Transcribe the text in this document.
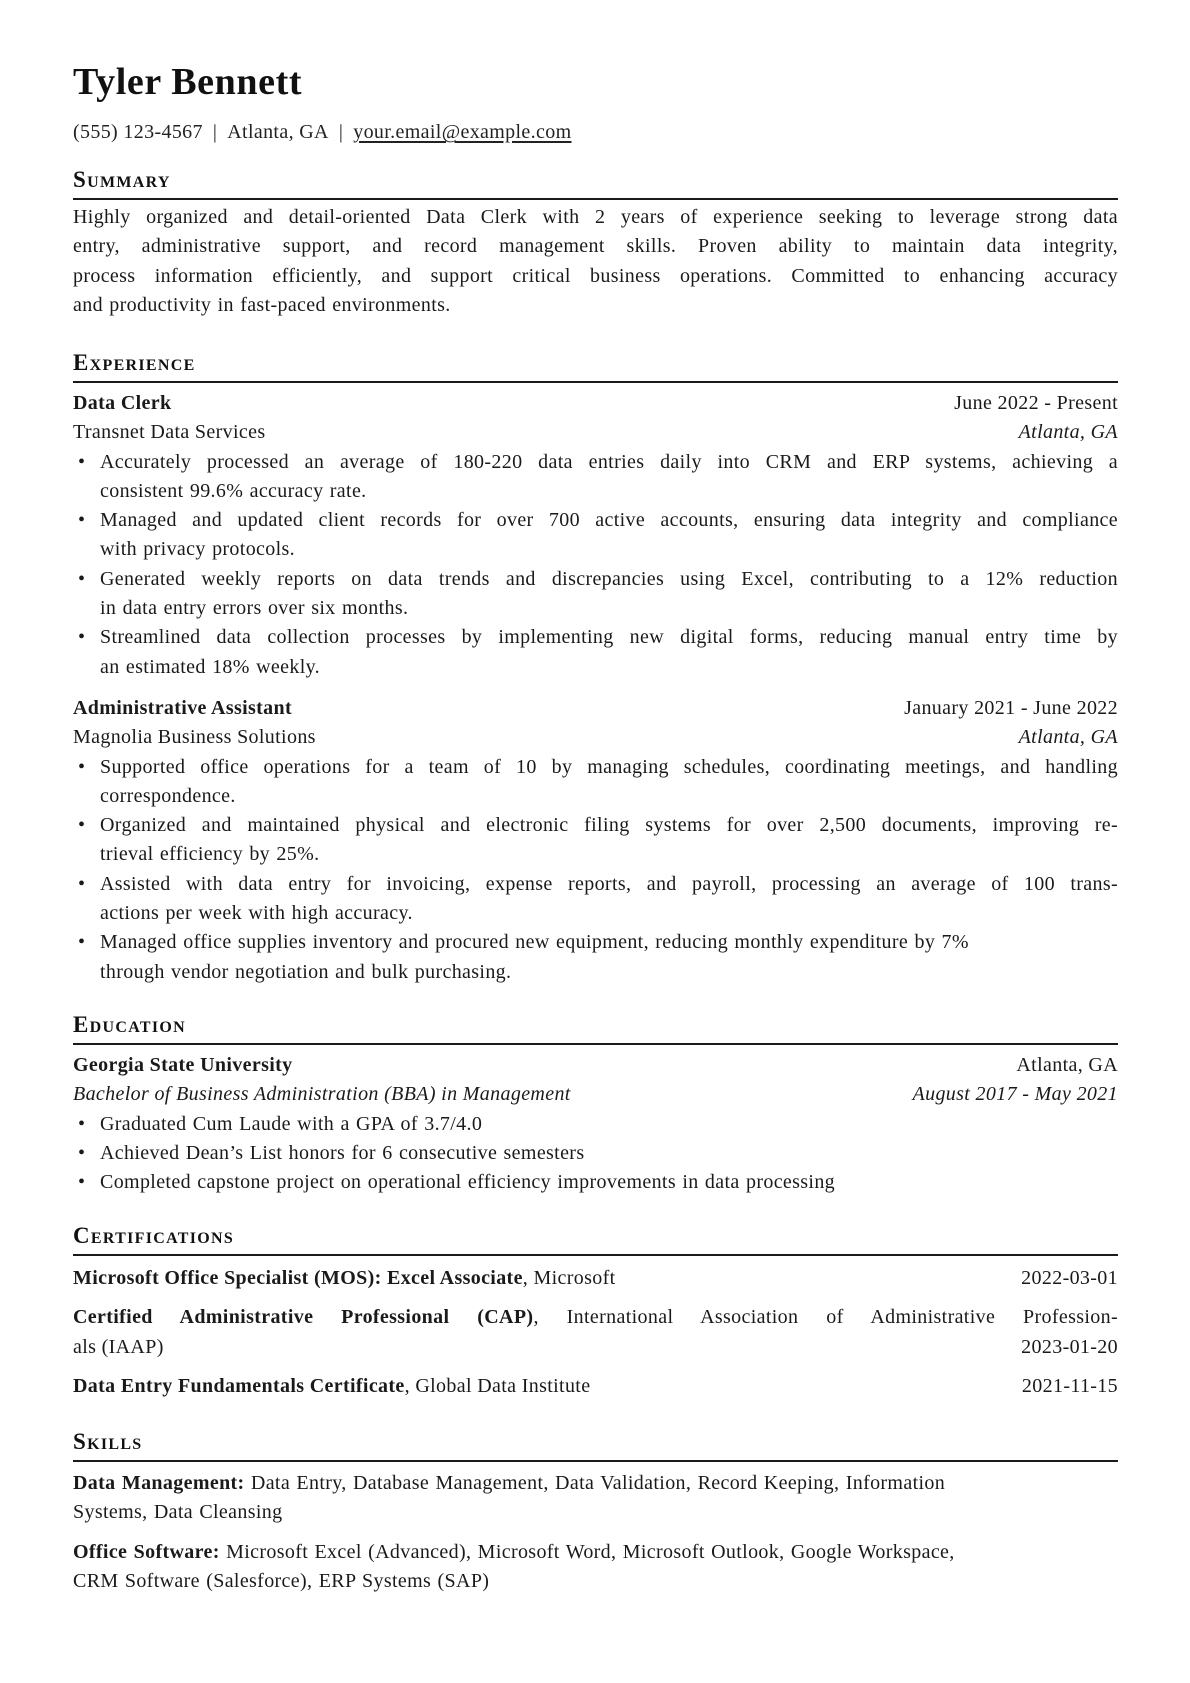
Tyler Bennett
(555) 123-4567 | Atlanta, GA | your.email@example.com
Summary
Highly organized and detail-oriented Data Clerk with 2 years of experience seeking to leverage strong data
entry, administrative support, and record management skills. Proven ability to maintain data integrity,
process information efficiently, and support critical business operations. Committed to enhancing accuracy
and productivity in fast-paced environments.
Experience
Data Clerk	June 2022 - Present
Transnet Data Services	Atlanta, GA
• Accurately processed an average of 180-220 data entries daily into CRM and ERP systems, achieving a
consistent 99.6% accuracy rate.
• Managed and updated client records for over 700 active accounts, ensuring data integrity and compliance
with privacy protocols.
• Generated weekly reports on data trends and discrepancies using Excel, contributing to a 12% reduction
in data entry errors over six months.
• Streamlined data collection processes by implementing new digital forms, reducing manual entry time by
an estimated 18% weekly.
Administrative Assistant	January 2021 - June 2022
Magnolia Business Solutions	Atlanta, GA
• Supported office operations for a team of 10 by managing schedules, coordinating meetings, and handling
correspondence.
• Organized and maintained physical and electronic filing systems for over 2,500 documents, improving re-
trieval efficiency by 25%.
• Assisted with data entry for invoicing, expense reports, and payroll, processing an average of 100 trans-
actions per week with high accuracy.
• Managed office supplies inventory and procured new equipment, reducing monthly expenditure by 7%
through vendor negotiation and bulk purchasing.
Education
Georgia State University	Atlanta, GA
Bachelor of Business Administration (BBA) in Management	August 2017 - May 2021
• Graduated Cum Laude with a GPA of 3.7/4.0
• Achieved Dean’s List honors for 6 consecutive semesters
• Completed capstone project on operational efficiency improvements in data processing
Certifications
Microsoft Office Specialist (MOS): Excel Associate, Microsoft	2022-03-01
Certified Administrative Professional (CAP), International Association of Administrative Profession-
als (IAAP)	2023-01-20
Data Entry Fundamentals Certificate, Global Data Institute	2021-11-15
Skills
Data Management: Data Entry, Database Management, Data Validation, Record Keeping, Information
Systems, Data Cleansing
Office Software: Microsoft Excel (Advanced), Microsoft Word, Microsoft Outlook, Google Workspace,
CRM Software (Salesforce), ERP Systems (SAP)
